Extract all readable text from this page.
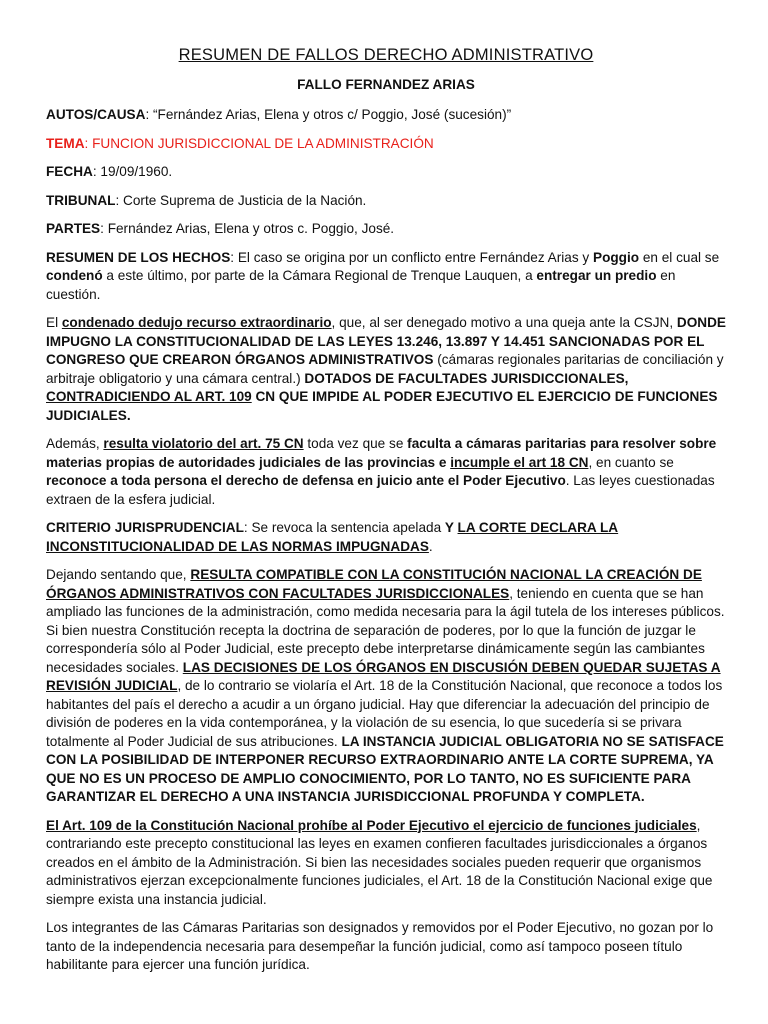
RESUMEN DE FALLOS DERECHO ADMINISTRATIVO
FALLO FERNANDEZ ARIAS

AUTOS/CAUSA: “Fernández Arias, Elena y otros c/ Poggio, José (sucesión)”

TEMA: FUNCION JURISDICCIONAL DE LA ADMINISTRACIÓN

FECHA: 19/09/1960.

TRIBUNAL: Corte Suprema de Justicia de la Nación.

PARTES: Fernández Arias, Elena y otros c. Poggio, José.

RESUMEN DE LOS HECHOS: El caso se origina por un conflicto entre Fernández Arias y Poggio en el cual se condenó a este último, por parte de la Cámara Regional de Trenque Lauquen, a entregar un predio en cuestión.

El condenado dedujo recurso extraordinario, que, al ser denegado motivo a una queja ante la CSJN, DONDE IMPUGNO LA CONSTITUCIONALIDAD DE LAS LEYES 13.246, 13.897 Y 14.451 SANCIONADAS POR EL CONGRESO QUE CREARON ÓRGANOS ADMINISTRATIVOS (cámaras regionales paritarias de conciliación y arbitraje obligatorio y una cámara central.) DOTADOS DE FACULTADES JURISDICCIONALES, CONTRADICIENDO AL ART. 109 CN QUE IMPIDE AL PODER EJECUTIVO EL EJERCICIO DE FUNCIONES JUDICIALES.

Además, resulta violatorio del art. 75 CN toda vez que se faculta a cámaras paritarias para resolver sobre materias propias de autoridades judiciales de las provincias e incumple el art 18 CN, en cuanto se reconoce a toda persona el derecho de defensa en juicio ante el Poder Ejecutivo. Las leyes cuestionadas extraen de la esfera judicial.

CRITERIO JURISPRUDENCIAL: Se revoca la sentencia apelada Y LA CORTE DECLARA LA INCONSTITUCIONALIDAD DE LAS NORMAS IMPUGNADAS.

Dejando sentando que, RESULTA COMPATIBLE CON LA CONSTITUCIÓN NACIONAL LA CREACIÓN DE ÓRGANOS ADMINISTRATIVOS CON FACULTADES JURISDICCIONALES, teniendo en cuenta que se han ampliado las funciones de la administración, como medida necesaria para la ágil tutela de los intereses públicos. Si bien nuestra Constitución recepta la doctrina de separación de poderes, por lo que la función de juzgar le correspondería sólo al Poder Judicial, este precepto debe interpretarse dinámicamente según las cambiantes necesidades sociales. LAS DECISIONES DE LOS ÓRGANOS EN DISCUSIÓN DEBEN QUEDAR SUJETAS A REVISIÓN JUDICIAL, de lo contrario se violaría el Art. 18 de la Constitución Nacional, que reconoce a todos los habitantes del país el derecho a acudir a un órgano judicial. Hay que diferenciar la adecuación del principio de división de poderes en la vida contemporánea, y la violación de su esencia, lo que sucedería si se privara totalmente al Poder Judicial de sus atribuciones. LA INSTANCIA JUDICIAL OBLIGATORIA NO SE SATISFACE CON LA POSIBILIDAD DE INTERPONER RECURSO EXTRAORDINARIO ANTE LA CORTE SUPREMA, YA QUE NO ES UN PROCESO DE AMPLIO CONOCIMIENTO, POR LO TANTO, NO ES SUFICIENTE PARA GARANTIZAR EL DERECHO A UNA INSTANCIA JURISDICCIONAL PROFUNDA Y COMPLETA.

El Art. 109 de la Constitución Nacional prohíbe al Poder Ejecutivo el ejercicio de funciones judiciales, contrariando este precepto constitucional las leyes en examen confieren facultades jurisdiccionales a órganos creados en el ámbito de la Administración. Si bien las necesidades sociales pueden requerir que organismos administrativos ejerzan excepcionalmente funciones judiciales, el Art. 18 de la Constitución Nacional exige que siempre exista una instancia judicial.

Los integrantes de las Cámaras Paritarias son designados y removidos por el Poder Ejecutivo, no gozan por lo tanto de la independencia necesaria para desempeñar la función judicial, como así tampoco poseen título habilitante para ejercer una función jurídica.
